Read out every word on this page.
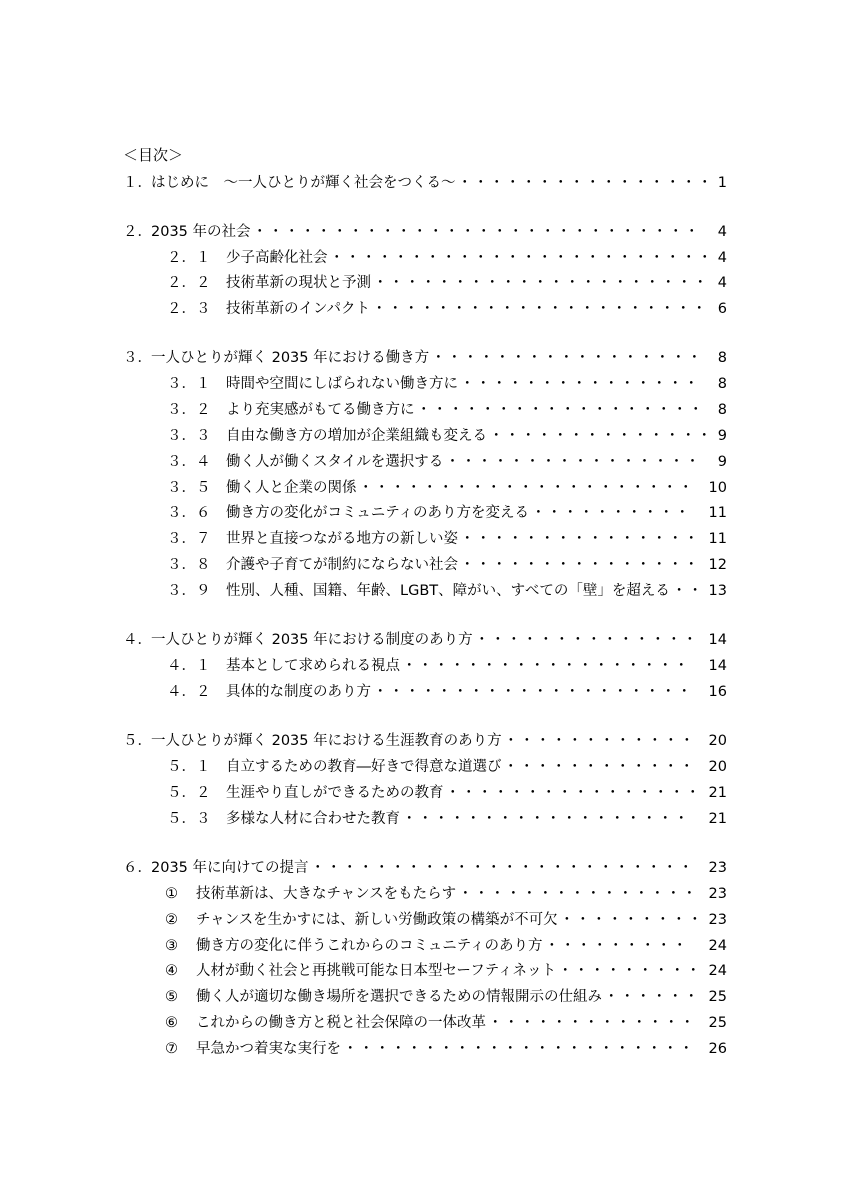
＜目次＞
１． はじめに　～一人ひとりが輝く社会をつくる～ ・・・・・・・・・・・・・・・・ 1
２． 2035 年の社会 ・・・・・・・・・・・・・・・・・・・・・・・・・・・・	4
２．１ 少子高齢化社会 ・・・・・・・・・・・・・・・・・・・・・・・・ 4
２．２ 技術革新の現状と予測 ・・・・・・・・・・・・・・・・・・・・・ 4
２．３ 技術革新のインパクト ・・・・・・・・・・・・・・・・・・・・・ 6
３． 一人ひとりが輝く 2035 年における働き方 ・・・・・・・・・・・・・・・・・	8
３．１ 時間や空間にしばられない働き方に ・・・・・・・・・・・・・・・	8
３．２ より充実感がもてる働き方に ・・・・・・・・・・・・・・・・・・ 8
３．３ 自由な働き方の増加が企業組織も変える ・・・・・・・・・・・・・・ 9
３．４ 働く人が働くスタイルを選択する ・・・・・・・・・・・・・・・・	9
３．５ 働く人と企業の関係 ・・・・・・・・・・・・・・・・・・・・・ 10
３．６ 働き方の変化がコミュニティのあり方を変える ・・・・・・・・・・	11
３．７ 世界と直接つながる地方の新しい姿 ・・・・・・・・・・・・・・・ 11
３．８ 介護や子育てが制約にならない社会 ・・・・・・・・・・・・・・・ 12
３．９ 性別、人種、国籍、年齢、LGBT、障がい、すべての「壁」を超える ・・ 13
４． 一人ひとりが輝く 2035 年における制度のあり方 ・・・・・・・・・・・・・・ 14
４．１ 基本として求められる視点 ・・・・・・・・・・・・・・・・・・	14
４．２ 具体的な制度のあり方 ・・・・・・・・・・・・・・・・・・・・	16
５． 一人ひとりが輝く 2035 年における生涯教育のあり方 ・・・・・・・・・・・・ 20
５．１ 自立するための教育―好きで得意な道選び ・・・・・・・・・・・・ 20
５．２ 生涯やり直しができるための教育 ・・・・・・・・・・・・・・・・ 21
５．３ 多様な人材に合わせた教育 ・・・・・・・・・・・・・・・・・・	21
６． 2035 年に向けての提言 ・・・・・・・・・・・・・・・・・・・・・・・・ 23
① 技術革新は、大きなチャンスをもたらす ・・・・・・・・・・・・・・・ 23
② チャンスを生かすには、新しい労働政策の構築が不可欠 ・・・・・・・・・ 23
③ 働き方の変化に伴うこれからのコミュニティのあり方 ・・・・・・・・・	24
④ 人材が動く社会と再挑戦可能な日本型セーフティネット ・・・・・・・・・ 24
⑤ 働く人が適切な働き場所を選択できるための情報開示の仕組み ・・・・・・ 25
⑥ これからの働き方と税と社会保障の一体改革 ・・・・・・・・・・・・・ 25
⑦ 早急かつ着実な実行を ・・・・・・・・・・・・・・・・・・・・・・ 26
